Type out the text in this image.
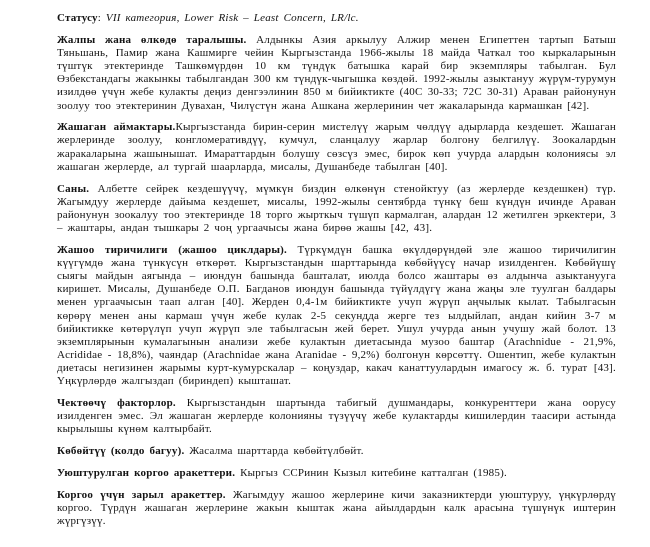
Статусу: VII категория, Lower Risk – Least Concern, LR/lc.

Жалпы жана өлкөдө таралышы. Алдынкы Азия аркылуу Алжир менен Египеттен тартып Батыш Тяньшань, Памир жана Кашмирге чейин Кыргызстанда 1966-жылы 18 майда Чаткал тоо кыркаларынын түштүк этектеринде Ташкөмүрдөн 10 км түндүк батышка карай бир экземпляры табылган. Бул Өзбекстандагы жакынкы табылгандан 300 км түндүк-чыгышка көздөй. 1992-жылы азыктануу жүрүм-турумун изилдөө үчүн жебе кулакты деңиз денгээлинин 850 м бийиктикте (40С 30-33; 72С 30-31) Араван районунун зоолуу тоо этектеринин Дувахан, Чилүстүн жана Ашкана жерлеринин чет жакаларында кармашкан [42].

Жашаган аймактары.Кыргызстанда бирин-серин мистелүү жарым чөлдүү адырларда кездешет. Жашаган жерлеринде зоолуу, конгломеративдүү, кумчул, сланцалуу жарлар болгону белгилүү. Зоокалардын жаракаларына жашынышат. Имараттардын болушу сөзсүз эмес, бирок көп учурда алардын колониясы эл жашаган жерлерде, ал тургай шаарларда, мисалы, Душанбеде табылган [40].

Саны. Албетте сейрек кездешүүчү, мүмкүн биздин өлкөнүн стенойктуу (аз жерлерде кездешкен) түр. Жагымдуу жерлерде дайыма кездешет, мисалы, 1992-жылы сентябрда түнкү беш күндүн ичинде Араван районунун зоокалуу тоо этектеринде 18 торго жырткыч түшүп кармалган, алардан 12 жетилген эркектери, 3 – жаштары, андан тышкары 2 чоң ургаачысы жана бирөө жашы [42, 43].

Жашоо тиричилиги (жашоо циклдары). Түркүмдүн башка өкүлдөрүндөй эле жашоо тиричилигин күүгүмдө жана түнкүсүн өткөрөт. Кыргызстандын шарттарында көбөйүүсү начар изилденген. Көбөйүшү сыягы майдын аягында – июндун башында башталат, июлда болсо жаштары өз алдынча азыктанууга киришет. Мисалы, Душанбеде О.П. Багданов июндун башында түйүлдүгү жана жаңы эле туулган балдары менен ургаачысын таап алган [40]. Жерден 0,4-1м бийиктикте учуп жүрүп аңчылык кылат. Табылгасын көрөрү менен аны кармаш үчүн жебе кулак 2-5 секундда жерге тез ылдыйлап, андан кийин 3-7 м бийиктикке көтөрүлүп учуп жүрүп эле табылгасын жей берет. Ушул учурда анын учушу жай болот. 13 экземплярынын кумалагынын анализи жебе кулактын диетасында музоо баштар (Arachnidue - 21,9%, Acrididae - 18,8%), чаяндар (Arachnidae жана Aranidae - 9,2%) болгонун көрсөттү. Ошентип, жебе кулактын диетасы негизинен жарымы курт-кумурскалар – коңуздар, какач канаттуулардын имагосу ж. б. турат [43]. Үңкүрлөрдө жалгыздап (бириндеп) кышташат.

Чектөөчү факторлор. Кыргызстандын шартында табигый душмандары, конкуренттери жана оорусу изилденген эмес. Эл жашаган жерлерде колонияны түзүүчү жебе кулактарды кишилердин таасири астында кырылышы күнөм калтырбайт.

Көбөйтүү (колдо багуу). Жасалма шарттарда көбөйтүлбөйт.

Уюштурулган коргоо аракеттери. Кыргыз ССРинин Кызыл китебине катталган (1985).

Коргоо үчүн зарыл аракеттер. Жагымдуу жашоо жерлерине кичи заказниктерди уюштуруу, үңкүрлөрдү коргоо. Түрдүн жашаган жерлерине жакын кыштак жана айылдардын калк арасына түшүнүк иштерин жүргүзүү.
